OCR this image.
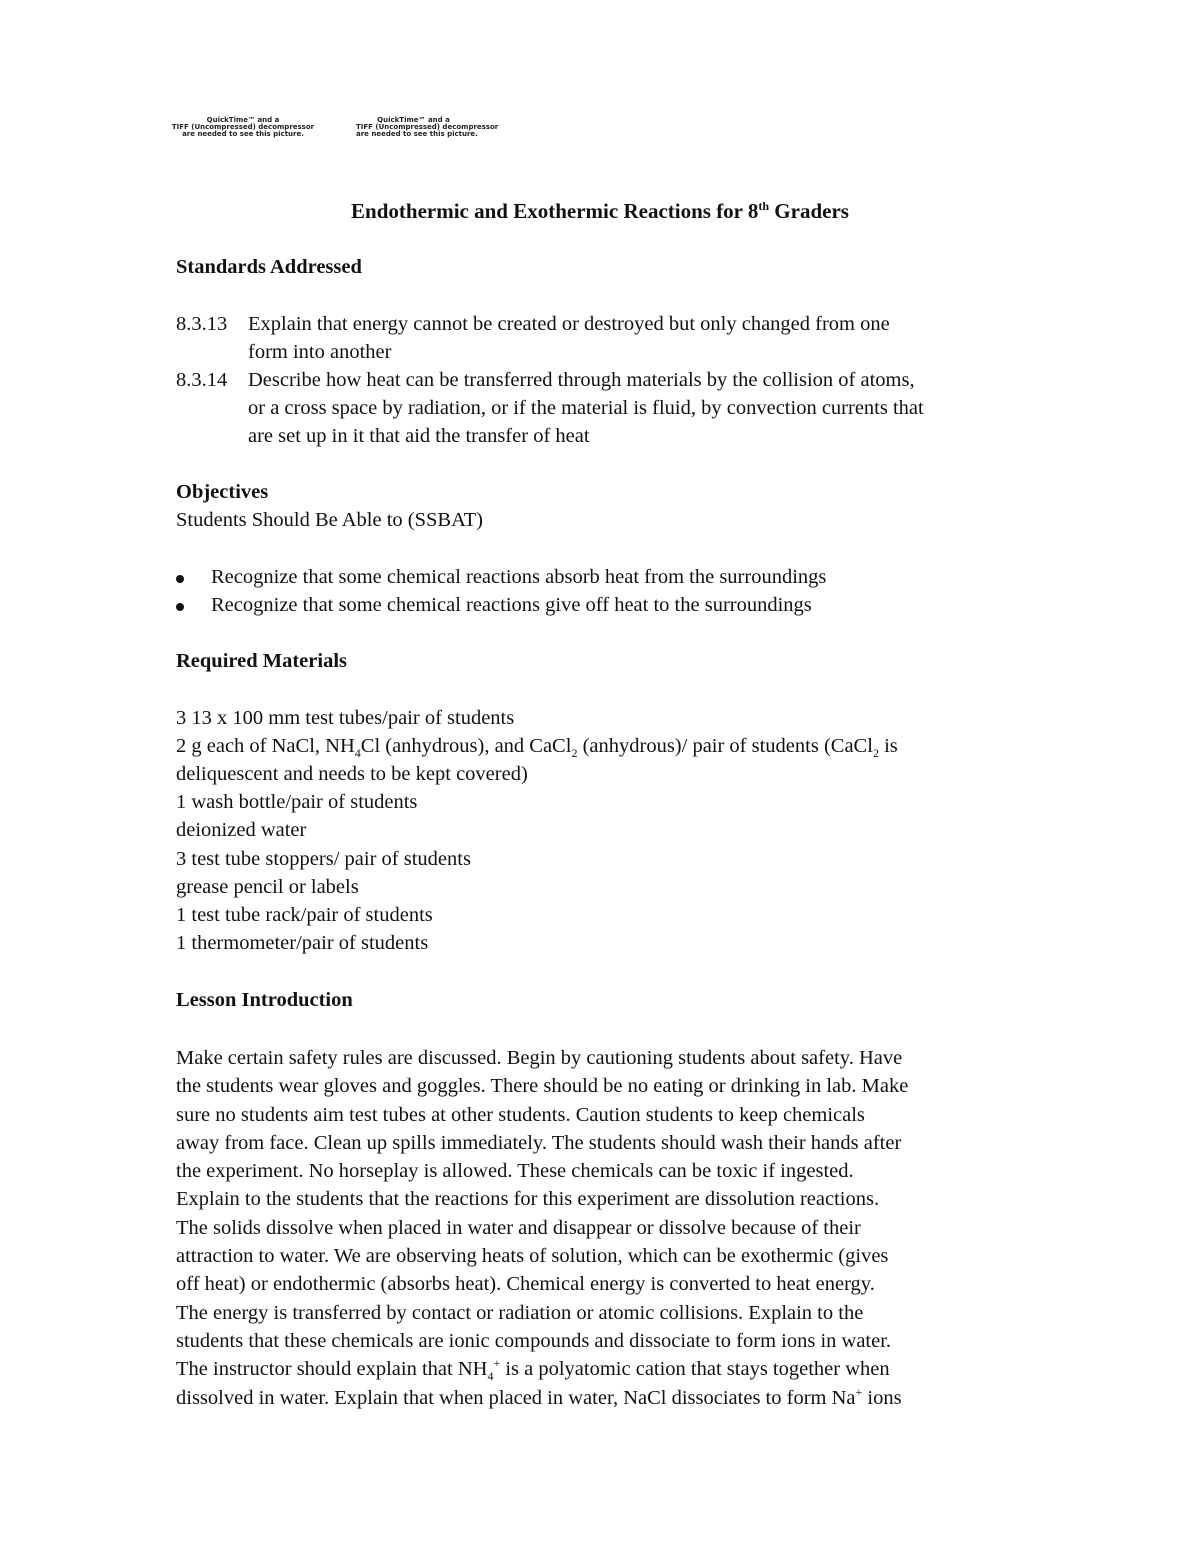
QuickTime™ and a
TIFF (Uncompressed) decompressor
are needed to see this picture.
QuickTime™ and a
TIFF (Uncompressed) decompressor
are needed to see this picture.
Endothermic and Exothermic Reactions for 8th Graders
Standards Addressed
8.3.13 Explain that energy cannot be created or destroyed but only changed from one
form into another
8.3.14 Describe how heat can be transferred through materials by the collision of atoms,
or a cross space by radiation, or if the material is fluid, by convection currents that
are set up in it that aid the transfer of heat
Objectives
Students Should Be Able to (SSBAT)
Recognize that some chemical reactions absorb heat from the surroundings
Recognize that some chemical reactions give off heat to the surroundings
Required Materials
3 13 x 100 mm test tubes/pair of students
2 g each of NaCl, $NH_4Cl$ (anhydrous), and CaCl$_2$ (anhydrous)/ pair of students (CaCl$_2$ is
deliquescent and needs to be kept covered)
1 wash bottle/pair of students
deionized water
3 test tube stoppers/ pair of students
grease pencil or labels
1 test tube rack/pair of students
1 thermometer/pair of students
Lesson Introduction
Make certain safety rules are discussed. Begin by cautioning students about safety. Have
the students wear gloves and goggles. There should be no eating or drinking in lab. Make
sure no students aim test tubes at other students. Caution students to keep chemicals
away from face. Clean up spills immediately. The students should wash their hands after
the experiment. No horseplay is allowed. These chemicals can be toxic if ingested.
Explain to the students that the reactions for this experiment are dissolution reactions.
The solids dissolve when placed in water and disappear or dissolve because of their
attraction to water. We are observing heats of solution, which can be exothermic (gives
off heat) or endothermic (absorbs heat). Chemical energy is converted to heat energy.
The energy is transferred by contact or radiation or atomic collisions. Explain to the
students that these chemicals are ionic compounds and dissociate to form ions in water.
The instructor should explain that $NH_4^+$ is a polyatomic cation that stays together when
dissolved in water. Explain that when placed in water, NaCl dissociates to form Na+ ions
